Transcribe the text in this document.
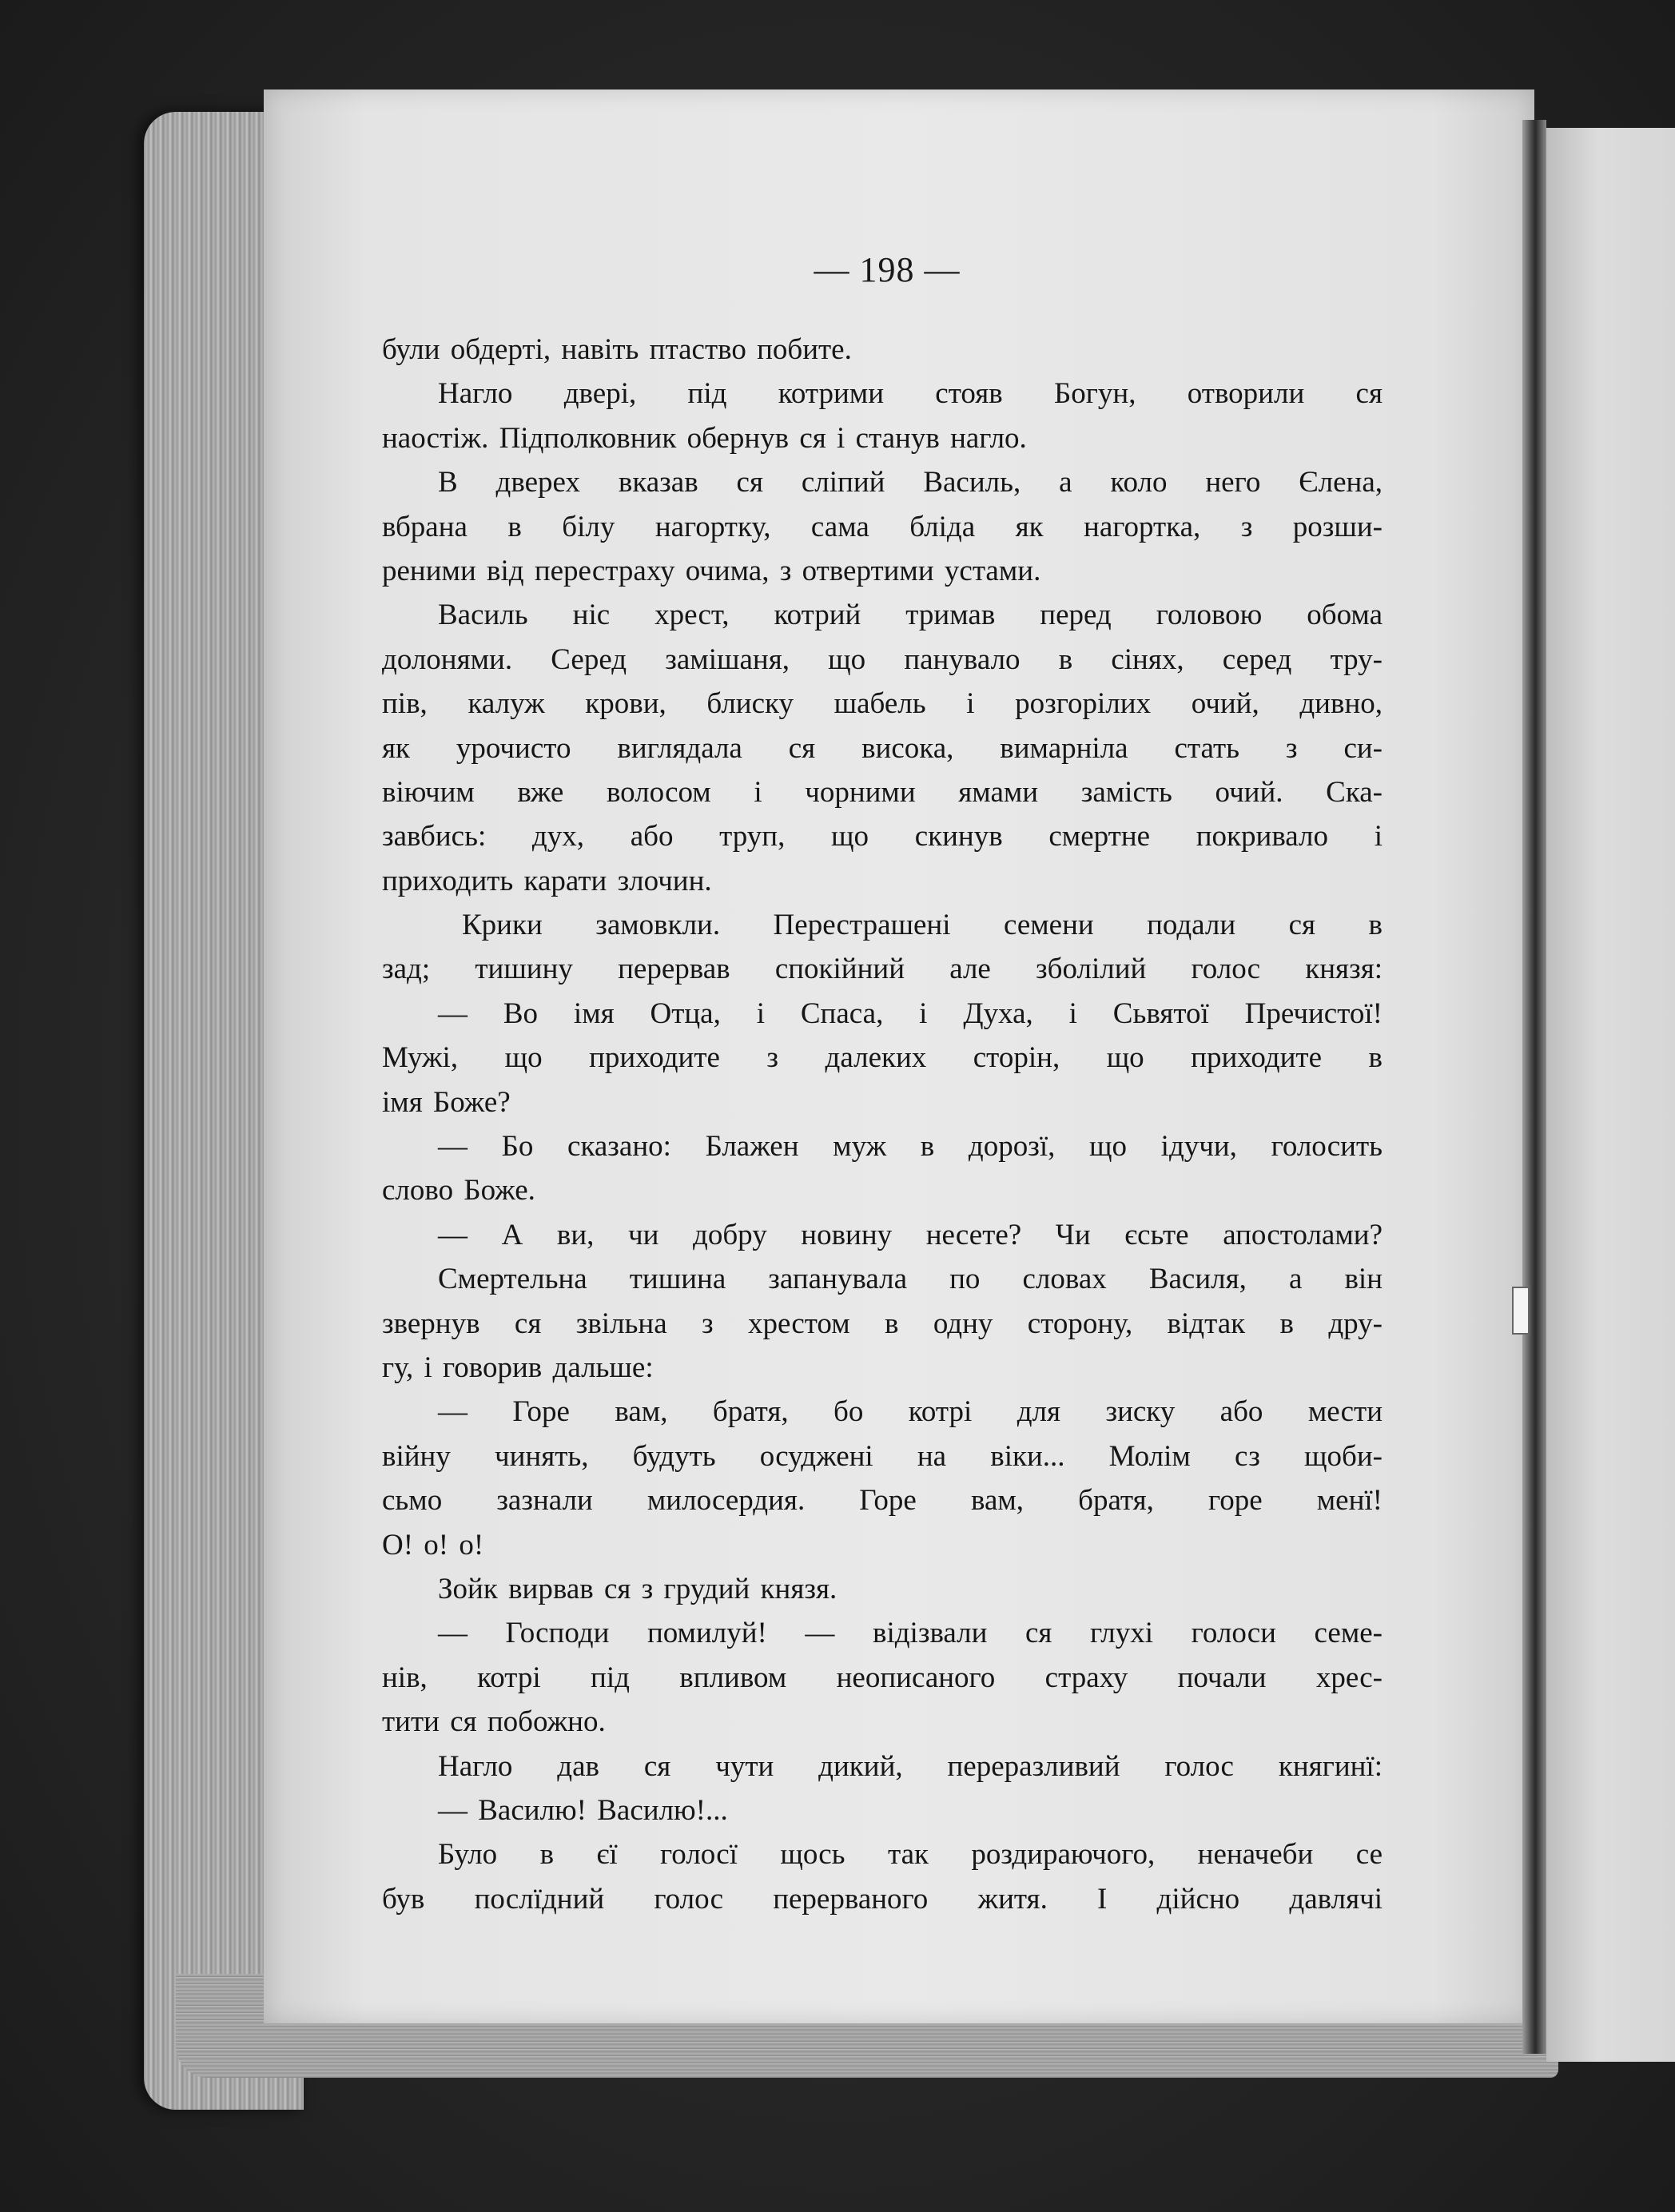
— 198 —
були обдерті, навіть птаство побите.
Нагло двері, під котрими стояв Богун, отворили ся
наостіж. Підполковник обернув ся і станув нагло.
В дверех вказав ся сліпий Василь, а коло него Єлена,
вбрана в білу нагортку, сама бліда як нагортка, з розши-
реними від перестраху очима, з отвертими устами.
Василь ніс хрест, котрий тримав перед головою обома
долонями. Серед замішаня, що панувало в сінях, серед тру-
пів, калуж крови, блиску шабель і розгорілих очий, дивно,
як урочисто виглядала ся висока, вимарніла стать з си-
віючим вже волосом і чорними ямами замість очий. Ска-
завбись: дух, або труп, що скинув смертне покривало і
приходить карати злочин.
Крики замовкли. Перестрашені семени подали ся в
зад; тишину перервав спокійний але зболілий голос князя:
— Во імя Отца, і Спаса, і Духа, і Сьвятої Пречистої!
Мужі, що приходите з далеких сторін, що приходите в
імя Боже?
— Бо сказано: Блажен муж в дорозї, що ідучи, голосить
слово Боже.
— А ви, чи добру новину несете? Чи єсьте апостолами?
Смертельна тишина запанувала по словах Василя, а він
звернув ся звільна з хрестом в одну сторону, відтак в дру-
гу, і говорив дальше:
— Горе вам, братя, бо котрі для зиску або мести
війну чинять, будуть осуджені на віки... Молім сз щоби-
сьмо зазнали милосердия. Горе вам, братя, горе менї!
О! о! о!
Зойк вирвав ся з грудий князя.
— Господи помилуй! — відізвали ся глухі голоси семе-
нів, котрі під впливом неописаного страху почали хрес-
тити ся побожно.
Нагло дав ся чути дикий, переразливий голос княгинї:
— Василю! Василю!...
Було в єї голосї щось так роздираючого, неначеби се
був послїдний голос перерваного житя. І дійсно давлячі
